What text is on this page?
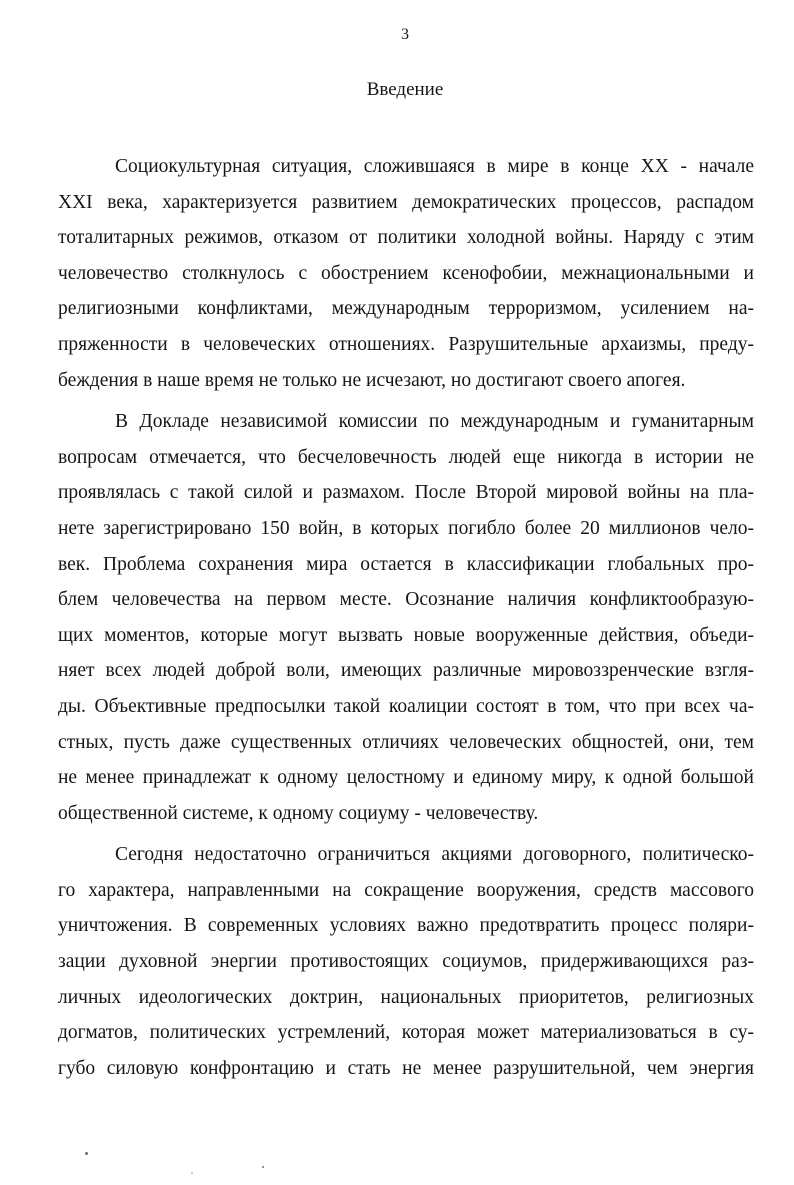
3
Введение
Социокультурная ситуация, сложившаяся в мире в конце XX - начале
XXI века, характеризуется развитием демократических процессов, распадом
тоталитарных режимов, отказом от политики холодной войны. Наряду с этим
человечество столкнулось с обострением ксенофобии, межнациональными и
религиозными конфликтами, международным терроризмом, усилением на-
пряженности в человеческих отношениях. Разрушительные архаизмы, преду-
беждения в наше время не только не исчезают, но достигают своего апогея.
В Докладе независимой комиссии по международным и гуманитарным
вопросам отмечается, что бесчеловечность людей еще никогда в истории не
проявлялась с такой силой и размахом. После Второй мировой войны на пла-
нете зарегистрировано 150 войн, в которых погибло более 20 миллионов чело-
век. Проблема сохранения мира остается в классификации глобальных про-
блем человечества на первом месте. Осознание наличия конфликтообразую-
щих моментов, которые могут вызвать новые вооруженные действия, объеди-
няет всех людей доброй воли, имеющих различные мировоззренческие взгля-
ды. Объективные предпосылки такой коалиции состоят в том, что при всех ча-
стных, пусть даже существенных отличиях человеческих общностей, они, тем
не менее принадлежат к одному целостному и единому миру, к одной большой
общественной системе, к одному социуму - человечеству.
Сегодня недостаточно ограничиться акциями договорного, политическо-
го характера, направленными на сокращение вооружения, средств массового
уничтожения. В современных условиях важно предотвратить процесс поляри-
зации духовной энергии противостоящих социумов, придерживающихся раз-
личных идеологических доктрин, национальных приоритетов, религиозных
догматов, политических устремлений, которая может материализоваться в су-
губо силовую конфронтацию и стать не менее разрушительной, чем энергия
